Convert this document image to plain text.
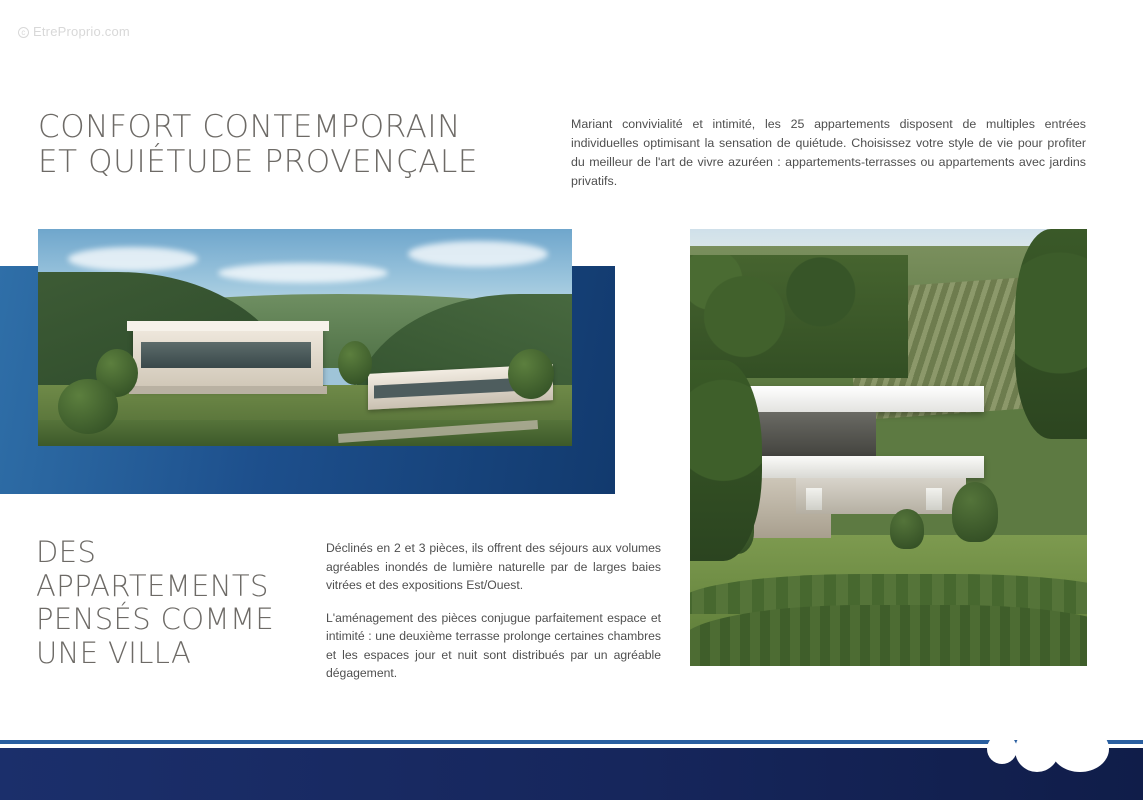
c EtreProprio.com
CONFORT CONTEMPORAIN
ET QUIÉTUDE PROVENÇALE
Mariant convivialité et intimité, les 25 appartements disposent de multiples entrées individuelles optimisant la sensation de quiétude. Choisissez votre style de vie pour profiter du meilleur de l'art de vivre azuréen : appartements-terrasses ou appartements avec jardins privatifs.
DES APPARTEMENTS
PENSÉS COMME
UNE VILLA

Déclinés en 2 et 3 pièces, ils offrent des séjours aux volumes agréables inondés de lumière naturelle par de larges baies vitrées et des expositions Est/Ouest.

L'aménagement des pièces conjugue parfaitement espace et intimité : une deuxième terrasse prolonge certaines chambres et les espaces jour et nuit sont distribués par un agréable dégagement.
